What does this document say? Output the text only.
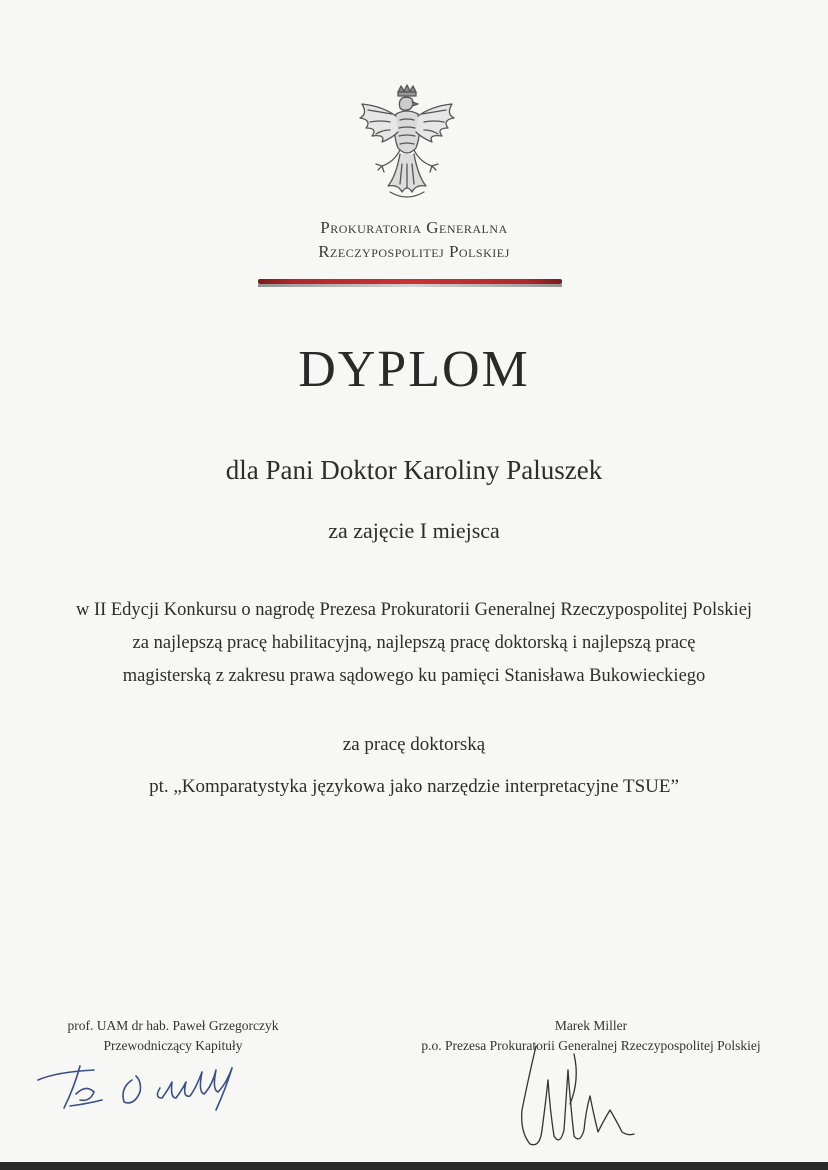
Prokuratoria Generalna
Rzeczypospolitej Polskiej
DYPLOM
dla Pani Doktor Karoliny Paluszek
za zajęcie I miejsca
w II Edycji Konkursu o nagrodę Prezesa Prokuratorii Generalnej Rzeczypospolitej Polskiej
za najlepszą pracę habilitacyjną, najlepszą pracę doktorską i najlepszą pracę
magisterską z zakresu prawa sądowego ku pamięci Stanisława Bukowieckiego
za pracę doktorską
pt. „Komparatystyka językowa jako narzędzie interpretacyjne TSUE”
prof. UAM dr hab. Paweł Grzegorczyk
Przewodniczący Kapituły
Marek Miller
p.o. Prezesa Prokuratorii Generalnej Rzeczypospolitej Polskiej
